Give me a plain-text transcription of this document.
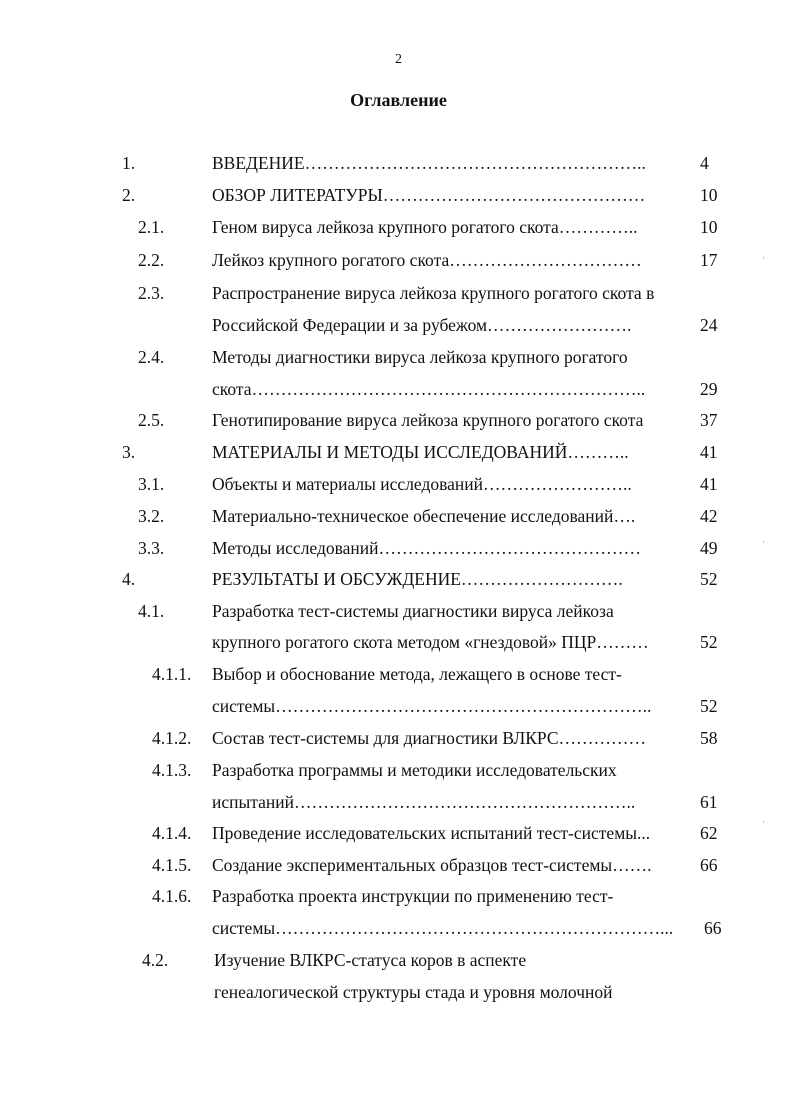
2
Оглавление
1.	ВВЕДЕНИЕ…………………………………………………..	4
2.	ОБЗОР ЛИТЕРАТУРЫ………………………………………	10
2.1.	Геном вируса лейкоза крупного рогатого скота…………..	10
2.2.	Лейкоз крупного рогатого скота……………………………	17
2.3.	Распространение вируса лейкоза крупного рогатого скота в
Российской Федерации и за рубежом…………………….	24
2.4.	Методы диагностики вируса лейкоза крупного рогатого
скота…………………………………………………………..	29
2.5.	Генотипирование вируса лейкоза крупного рогатого скота	37
3.	МАТЕРИАЛЫ И МЕТОДЫ ИССЛЕДОВАНИЙ………..	41
3.1.	Объекты и материалы исследований……………………..	41
3.2.	Материально-техническое обеспечение исследований….	42
3.3.	Методы исследований………………………………………	49
4.	РЕЗУЛЬТАТЫ И ОБСУЖДЕНИЕ……………………….	52
4.1.	Разработка тест-системы диагностики вируса лейкоза
крупного рогатого скота методом «гнездовой» ПЦР………	52
4.1.1. Выбор и обоснование метода, лежащего в основе тест-
системы………………………………………………………..	52
4.1.2. Состав тест-системы для диагностики ВЛКРС……………	58
4.1.3. Разработка программы и методики исследовательских
испытаний…………………………………………………..	61
4.1.4. Проведение исследовательских испытаний тест-системы...	62
4.1.5. Создание экспериментальных образцов тест-системы…….	66
4.1.6. Разработка проекта инструкции по применению тест-
системы…………………………………………………………... 66
4.2.	Изучение ВЛКРС-статуса коров в аспекте
генеалогической структуры стада и уровня молочной
ˈ
ˈ
ˈ
